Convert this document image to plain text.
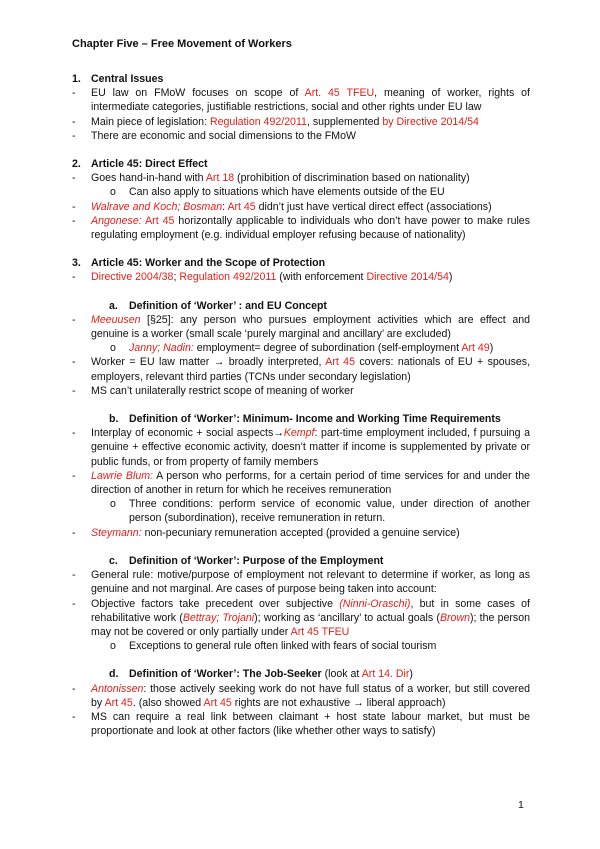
Chapter Five – Free Movement of Workers
1. Central Issues
- EU law on FMoW focuses on scope of Art. 45 TFEU, meaning of worker, rights of intermediate categories, justifiable restrictions, social and other rights under EU law
- Main piece of legislation: Regulation 492/2011, supplemented by Directive 2014/54
- There are economic and social dimensions to the FMoW
2. Article 45: Direct Effect
- Goes hand-in-hand with Art 18 (prohibition of discrimination based on nationality)
o Can also apply to situations which have elements outside of the EU
- Walrave and Koch; Bosman: Art 45 didn’t just have vertical direct effect (associations)
- Angonese: Art 45 horizontally applicable to individuals who don’t have power to make rules regulating employment (e.g. individual employer refusing because of nationality)
3. Article 45: Worker and the Scope of Protection
- Directive 2004/38; Regulation 492/2011 (with enforcement Directive 2014/54)
a. Definition of ‘Worker’ : and EU Concept
- Meeuusen [§25]: any person who pursues employment activities which are effect and genuine is a worker (small scale ‘purely marginal and ancillary’ are excluded)
o Janny; Nadin: employment= degree of subordination (self-employment Art 49)
- Worker = EU law matter → broadly interpreted, Art 45 covers: nationals of EU + spouses, employers, relevant third parties (TCNs under secondary legislation)
- MS can’t unilaterally restrict scope of meaning of worker
b. Definition of ‘Worker’: Minimum- Income and Working Time Requirements
- Interplay of economic + social aspects→Kempf: part-time employment included, f pursuing a genuine + effective economic activity, doesn’t matter if income is supplemented by private or public funds, or from property of family members
- Lawrie Blum: A person who performs, for a certain period of time services for and under the direction of another in return for which he receives remuneration
o Three conditions: perform service of economic value, under direction of another person (subordination), receive remuneration in return.
- Steymann: non-pecuniary remuneration accepted (provided a genuine service)
c. Definition of ‘Worker’: Purpose of the Employment
- General rule: motive/purpose of employment not relevant to determine if worker, as long as genuine and not marginal. Are cases of purpose being taken into account:
- Objective factors take precedent over subjective (Ninni-Oraschi), but in some cases of rehabilitative work (Bettray; Trojani); working as ‘ancillary’ to actual goals (Brown); the person may not be covered or only partially under Art 45 TFEU
o Exceptions to general rule often linked with fears of social tourism
d. Definition of ‘Worker’: The Job-Seeker (look at Art 14. Dir)
- Antonissen: those actively seeking work do not have full status of a worker, but still covered by Art 45. (also showed Art 45 rights are not exhaustive → liberal approach)
- MS can require a real link between claimant + host state labour market, but must be proportionate and look at other factors (like whether other ways to satisfy)
1
